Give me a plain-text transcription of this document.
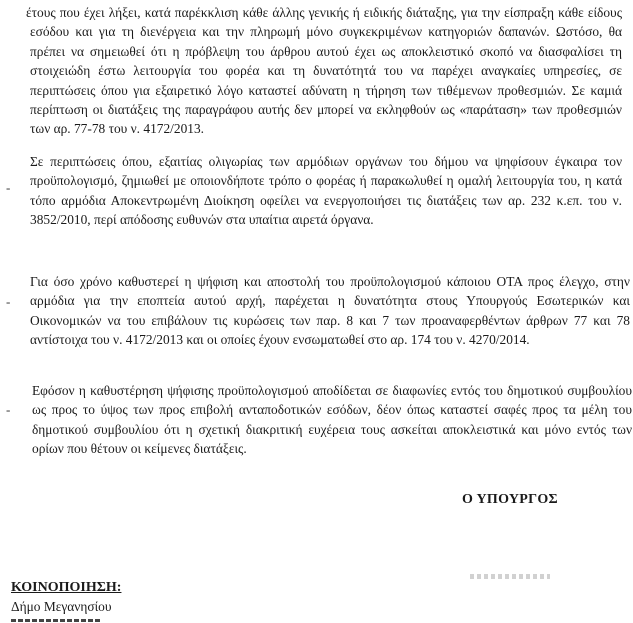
έτους που έχει λήξει, κατά παρέκκλιση κάθε άλλης γενικής ή ειδικής διάταξης, για την είσπραξη κάθε είδους εσόδου και για τη διενέργεια και την πληρωμή μόνο συγκεκριμένων κατηγοριών δαπανών. Ωστόσο, θα πρέπει να σημειωθεί ότι η πρόβλεψη του άρθρου αυτού έχει ως αποκλειστικό σκοπό να διασφαλίσει τη στοιχειώδη έστω λειτουργία του φορέα και τη δυνατότητά του να παρέχει αναγκαίες υπηρεσίες, σε περιπτώσεις όπου για εξαιρετικό λόγο καταστεί αδύνατη η τήρηση των τιθέμενων προθεσμιών. Σε καμιά περίπτωση οι διατάξεις της παραγράφου αυτής δεν μπορεί να εκληφθούν ως «παράταση» των προθεσμιών των αρ. 77-78 του ν. 4172/2013.

-

Σε περιπτώσεις όπου, εξαιτίας ολιγωρίας των αρμόδιων οργάνων του δήμου να ψηφίσουν έγκαιρα τον προϋπολογισμό, ζημιωθεί με οποιονδήποτε τρόπο ο φορέας ή παρακωλυθεί η ομαλή λειτουργία του, η κατά τόπο αρμόδια Αποκεντρωμένη Διοίκηση οφείλει να ενεργοποιήσει τις διατάξεις των αρ. 232 κ.επ. του ν. 3852/2010, περί απόδοσης ευθυνών στα υπαίτια αιρετά όργανα.

-

Για όσο χρόνο καθυστερεί η ψήφιση και αποστολή του προϋπολογισμού κάποιου ΟΤΑ προς έλεγχο, στην αρμόδια για την εποπτεία αυτού αρχή, παρέχεται η δυνατότητα στους Υπουργούς Εσωτερικών και Οικονομικών να του επιβάλουν τις κυρώσεις των παρ. 8 και 7 των προαναφερθέντων άρθρων 77 και 78 αντίστοιχα του ν. 4172/2013 και οι οποίες έχουν ενσωματωθεί στο αρ. 174 του ν. 4270/2014.

-

Εφόσον η καθυστέρηση ψήφισης προϋπολογισμού αποδίδεται σε διαφωνίες εντός του δημοτικού συμβουλίου ως προς το ύψος των προς επιβολή ανταποδοτικών εσόδων, δέον όπως καταστεί σαφές προς τα μέλη του δημοτικού συμβουλίου ότι η σχετική διακριτική ευχέρεια τους ασκείται αποκλειστικά και μόνο εντός των ορίων που θέτουν οι κείμενες διατάξεις.

Ο ΥΠΟΥΡΓΟΣ
ΚΟΙΝΟΠΟΙΗΣΗ:
Δήμο Μεγανησίου
